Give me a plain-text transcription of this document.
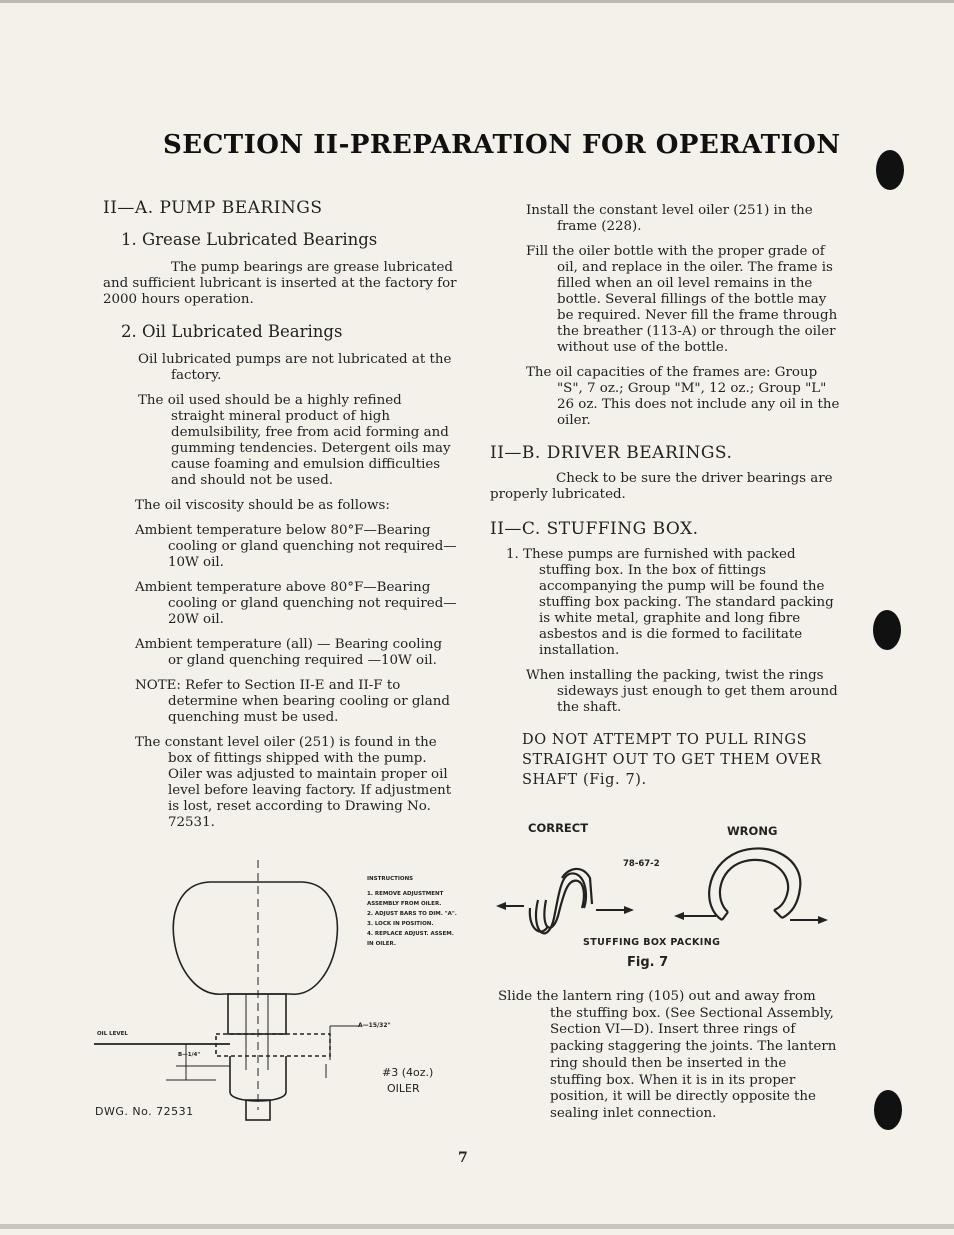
SECTION II-PREPARATION FOR OPERATION
II—A. PUMP BEARINGS
1. Grease Lubricated Bearings
The pump bearings are grease lubricated and sufficient lubricant is inserted at the factory for 2000 hours operation.
2. Oil Lubricated Bearings
Oil lubricated pumps are not lubricated at the factory.
The oil used should be a highly refined straight mineral product of high demulsibility, free from acid forming and gumming tendencies. Detergent oils may cause foaming and emulsion difficulties and should not be used.
The oil viscosity should be as follows:
Ambient temperature below 80°F—Bearing cooling or gland quenching not required—10W oil.
Ambient temperature above 80°F—Bearing cooling or gland quenching not required—20W oil.
Ambient temperature (all) — Bearing cooling or gland quenching required —10W oil.
NOTE: Refer to Section II-E and II-F to determine when bearing cooling or gland quenching must be used.
The constant level oiler (251) is found in the box of fittings shipped with the pump. Oiler was adjusted to maintain proper oil level before leaving factory. If adjustment is lost, reset according to Drawing No. 72531.
Install the constant level oiler (251) in the frame (228).
Fill the oiler bottle with the proper grade of oil, and replace in the oiler. The frame is filled when an oil level remains in the bottle. Several fillings of the bottle may be required. Never fill the frame through the breather (113-A) or through the oiler without use of the bottle.
The oil capacities of the frames are: Group "S", 7 oz.; Group "M", 12 oz.; Group "L" 26 oz. This does not include any oil in the oiler.
II—B. DRIVER BEARINGS.
Check to be sure the driver bearings are properly lubricated.
II—C. STUFFING BOX.
1. These pumps are furnished with packed stuffing box. In the box of fittings accompanying the pump will be found the stuffing box packing. The standard packing is white metal, graphite and long fibre asbestos and is die formed to facilitate installation.
When installing the packing, twist the rings sideways just enough to get them around the shaft.
DO NOT ATTEMPT TO PULL RINGS STRAIGHT OUT TO GET THEM OVER SHAFT (Fig. 7).
CORRECT	WRONG
78-67-2
STUFFING BOX PACKING
Fig. 7
Slide the lantern ring (105) out and away from the stuffing box. (See Sectional Assembly, Section VI—D). Insert three rings of packing staggering the joints. The lantern ring should then be inserted in the stuffing box. When it is in its proper position, it will be directly opposite the sealing inlet connection.
INSTRUCTIONS
1. REMOVE ADJUSTMENT
ASSEMBLY FROM OILER.
2. ADJUST BARS TO DIM. "A".
3. LOCK IN POSITION.
4. REPLACE ADJUST. ASSEM.
IN OILER.
OIL LEVEL
A—15/32"
B—1/4"
#3 (4oz.)
OILER
DWG. No. 72531
7
